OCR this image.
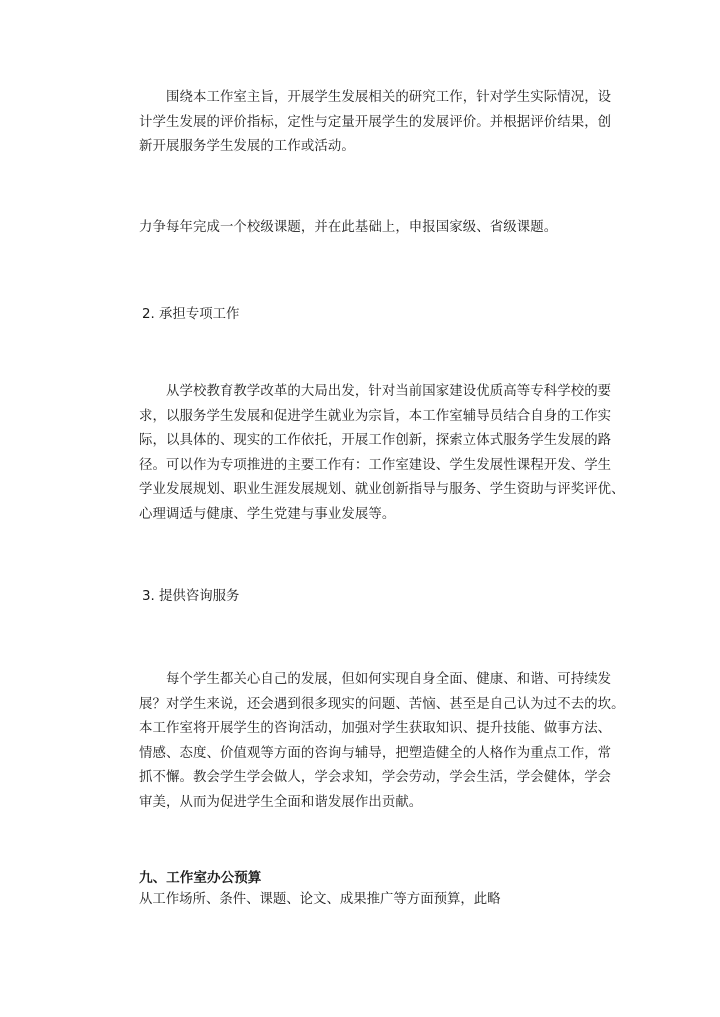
　　围绕本工作室主旨，开展学生发展相关的研究工作，针对学生实际情况，设
计学生发展的评价指标，定性与定量开展学生的发展评价。并根据评价结果，创
新开展服务学生发展的工作或活动。
力争每年完成一个校级课题，并在此基础上，申报国家级、省级课题。

2. 承担专项工作

　　从学校教育教学改革的大局出发，针对当前国家建设优质高等专科学校的要
求，以服务学生发展和促进学生就业为宗旨，本工作室辅导员结合自身的工作实
际，以具体的、现实的工作依托，开展工作创新，探索立体式服务学生发展的路
径。可以作为专项推进的主要工作有：工作室建设、学生发展性课程开发、学生
学业发展规划、职业生涯发展规划、就业创新指导与服务、学生资助与评奖评优、
心理调适与健康、学生党建与事业发展等。

3. 提供咨询服务

　　每个学生都关心自己的发展，但如何实现自身全面、健康、和谐、可持续发
展？对学生来说，还会遇到很多现实的问题、苦恼、甚至是自己认为过不去的坎。
本工作室将开展学生的咨询活动，加强对学生获取知识、提升技能、做事方法、
情感、态度、价值观等方面的咨询与辅导，把塑造健全的人格作为重点工作，常
抓不懈。教会学生学会做人，学会求知，学会劳动，学会生活，学会健体，学会
审美，从而为促进学生全面和谐发展作出贡献。

九、工作室办公预算

从工作场所、条件、课题、论文、成果推广等方面预算，此略
